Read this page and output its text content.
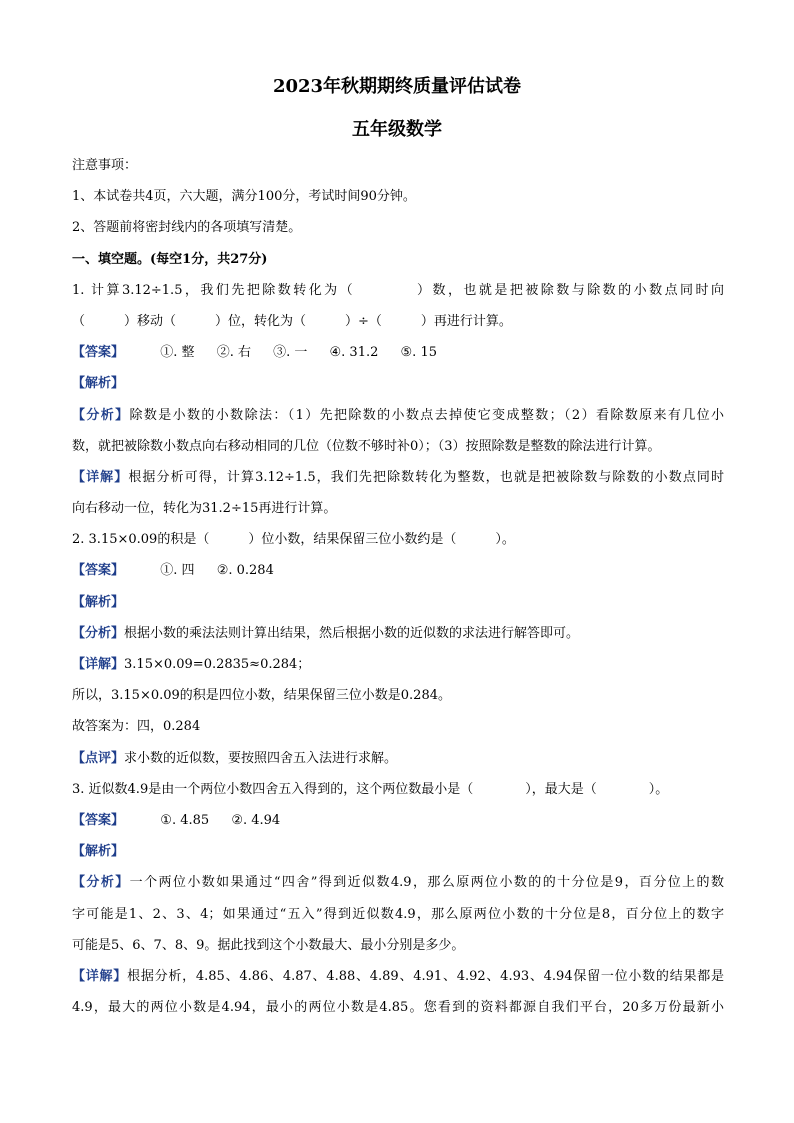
2023年秋期期终质量评估试卷
五年级数学
注意事项：
1、本试卷共4页，六大题，满分100分，考试时间90分钟。
2、答题前将密封线内的各项填写清楚。
一、填空题。(每空1分，共27分)
1. 计算3.12÷1.5，我们先把除数转化为（　　　　）数，也就是把被除数与除数的小数点同时向
（　　　）移动（　　　）位，转化为（　　　）÷（　　　）再进行计算。
【答案】	①. 整 ②. 右 ③. 一 ④. 31.2 ⑤. 15
【解析】
【分析】除数是小数的小数除法：（1）先把除数的小数点去掉使它变成整数；（2）看除数原来有几位小
数，就把被除数小数点向右移动相同的几位（位数不够时补0）；（3）按照除数是整数的除法进行计算。
【详解】根据分析可得，计算3.12÷1.5，我们先把除数转化为整数，也就是把被除数与除数的小数点同时
向右移动一位，转化为31.2÷15再进行计算。
2. 3.15×0.09的积是（　　　）位小数，结果保留三位小数约是（　　　）。
【答案】	①. 四 ②. 0.284
【解析】
【分析】根据小数的乘法法则计算出结果，然后根据小数的近似数的求法进行解答即可。
【详解】3.15×0.09=0.2835≈0.284；
所以，3.15×0.09的积是四位小数，结果保留三位小数是0.284。
故答案为：四，0.284
【点评】求小数的近似数，要按照四舍五入法进行求解。
3. 近似数4.9是由一个两位小数四舍五入得到的，这个两位数最小是（　　　　），最大是（　　　　）。
【答案】	①. 4.85 ②. 4.94
【解析】
【分析】一个两位小数如果通过“四舍”得到近似数4.9，那么原两位小数的的十分位是9，百分位上的数
字可能是1、2、3、4；如果通过“五入”得到近似数4.9，那么原两位小数的十分位是8，百分位上的数字
可能是5、6、7、8、9。据此找到这个小数最大、最小分别是多少。
【详解】根据分析，4.85、4.86、4.87、4.88、4.89、4.91、4.92、4.93、4.94保留一位小数的结果都是
4.9，最大的两位小数是4.94，最小的两位小数是4.85。您看到的资料都源自我们平台，20多万份最新小
